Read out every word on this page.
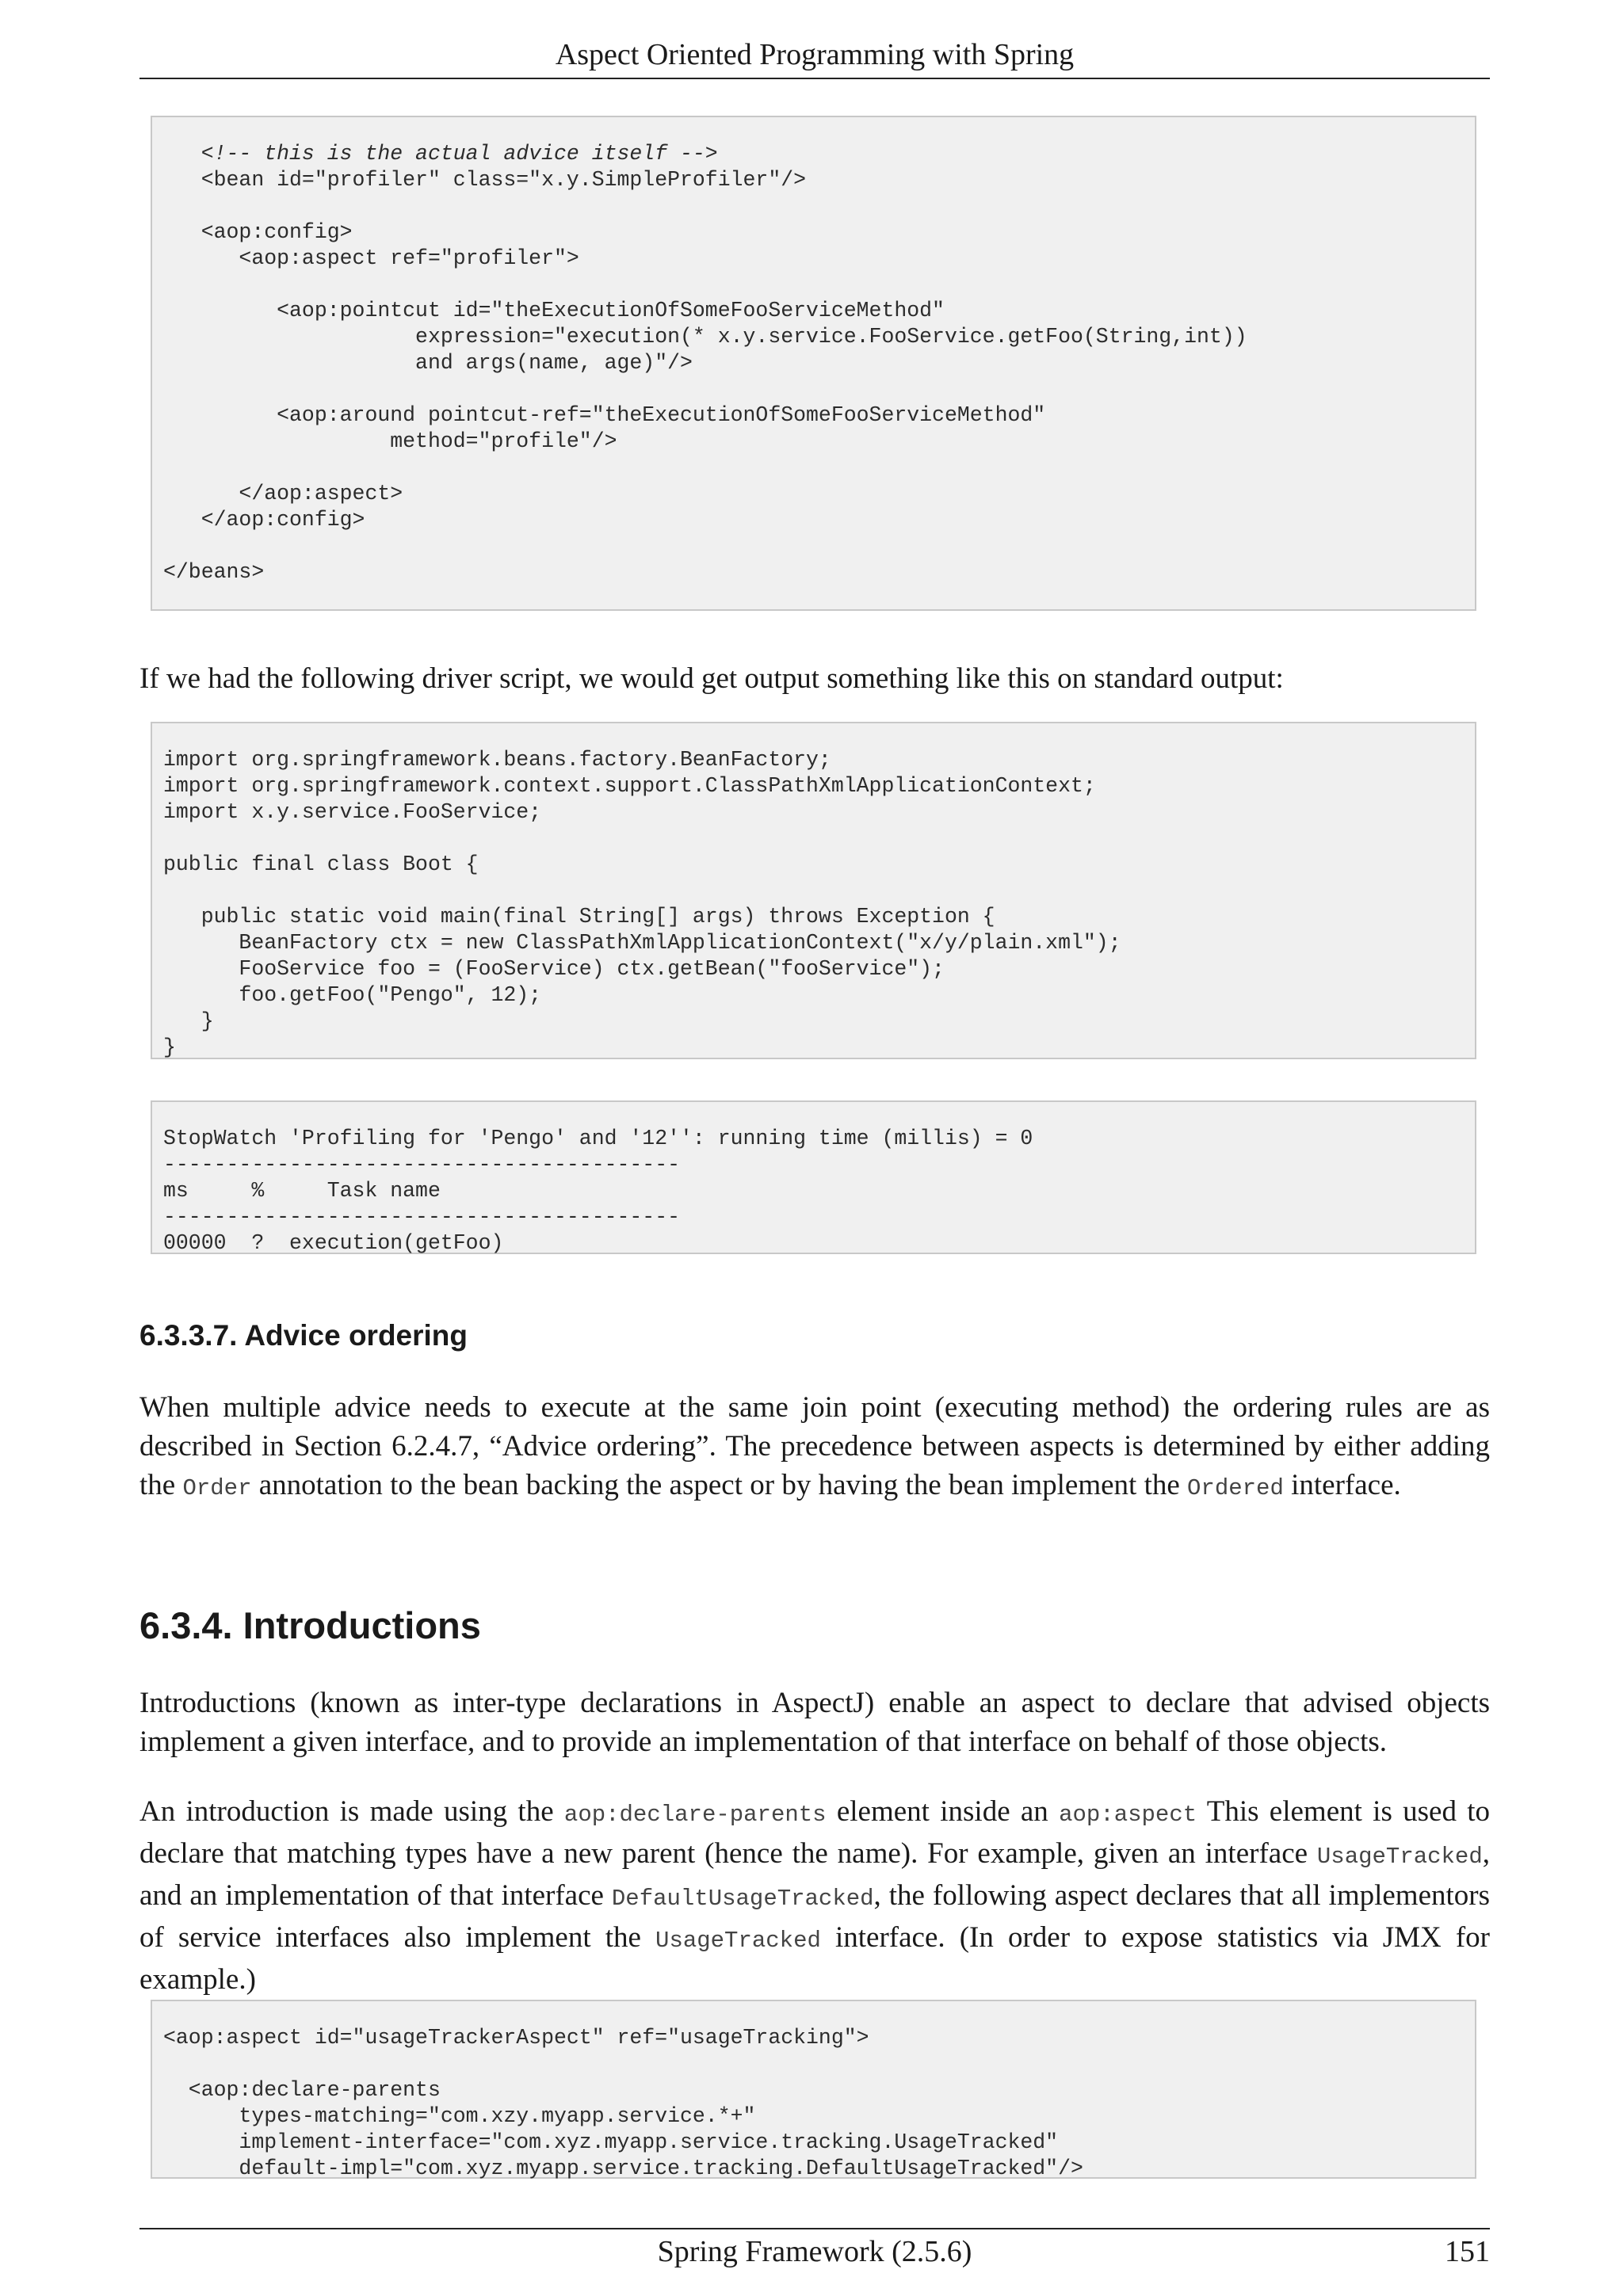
Aspect Oriented Programming with Spring
<!-- this is the actual advice itself -->
<bean id="profiler" class="x.y.SimpleProfiler"/>

<aop:config>
<aop:aspect ref="profiler">

<aop:pointcut id="theExecutionOfSomeFooServiceMethod"
expression="execution(* x.y.service.FooService.getFoo(String,int))
and args(name, age)"/>

<aop:around pointcut-ref="theExecutionOfSomeFooServiceMethod"
method="profile"/>

</aop:aspect>
</aop:config>

</beans>

If we had the following driver script, we would get output something like this on standard output:

import org.springframework.beans.factory.BeanFactory;
import org.springframework.context.support.ClassPathXmlApplicationContext;
import x.y.service.FooService;

public final class Boot {

public static void main(final String[] args) throws Exception {
BeanFactory ctx = new ClassPathXmlApplicationContext("x/y/plain.xml");
FooService foo = (FooService) ctx.getBean("fooService");
foo.getFoo("Pengo", 12);
}
}
StopWatch 'Profiling for 'Pengo' and '12'': running time (millis) = 0
-----------------------------------------
ms     %     Task name
-----------------------------------------
00000  ?  execution(getFoo)
6.3.3.7. Advice ordering

When multiple advice needs to execute at the same join point (executing method) the ordering rules are as described in Section 6.2.4.7, “Advice ordering”. The precedence between aspects is determined by either adding the Order annotation to the bean backing the aspect or by having the bean implement the Ordered interface.

6.3.4. Introductions

Introductions (known as inter-type declarations in AspectJ) enable an aspect to declare that advised objects implement a given interface, and to provide an implementation of that interface on behalf of those objects.

An introduction is made using the aop:declare-parents element inside an aop:aspect This element is used to declare that matching types have a new parent (hence the name). For example, given an interface UsageTracked, and an implementation of that interface DefaultUsageTracked, the following aspect declares that all implementors of service interfaces also implement the UsageTracked interface. (In order to expose statistics via JMX for example.)

<aop:aspect id="usageTrackerAspect" ref="usageTracking">

<aop:declare-parents
types-matching="com.xzy.myapp.service.*+"
implement-interface="com.xyz.myapp.service.tracking.UsageTracked"
default-impl="com.xyz.myapp.service.tracking.DefaultUsageTracked"/>
Spring Framework (2.5.6)	151
